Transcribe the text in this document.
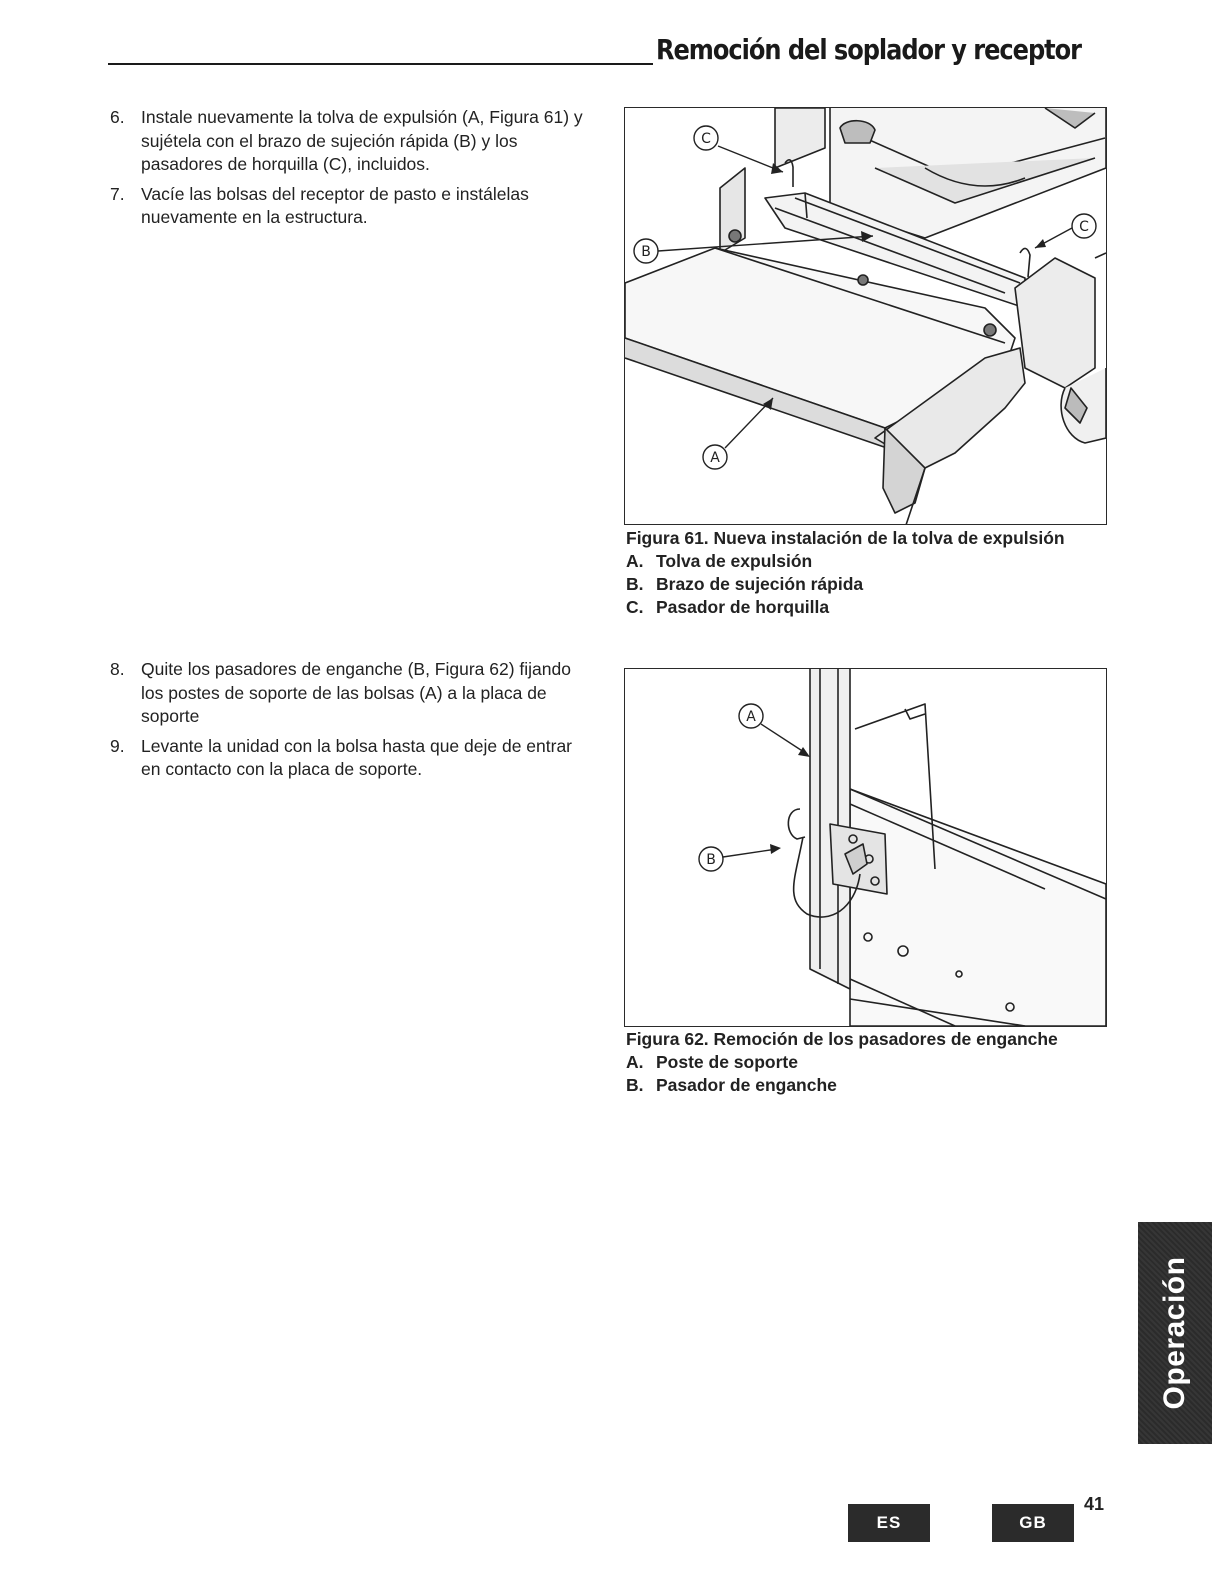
Remoción del soplador y receptor
6. Instale nuevamente la tolva de expulsión (A, Figura 61) y sujétela con el brazo de sujeción rápida (B) y los pasadores de horquilla (C), incluidos.
7. Vacíe las bolsas del receptor de pasto e instálelas nuevamente en la estructura.
8. Quite los pasadores de enganche (B, Figura 62) fijando los postes de soporte de las bolsas (A) a la placa de soporte
9. Levante la unidad con la bolsa hasta que deje de entrar en contacto con la placa de soporte.
C
B
C
A
Figura 61. Nueva instalación de la tolva de expulsión
A. Tolva de expulsión
B. Brazo de sujeción rápida
C. Pasador de horquilla
A
B
Figura 62. Remoción de los pasadores de enganche
A. Poste de soporte
B. Pasador de enganche
Operación
ES	GB
41
